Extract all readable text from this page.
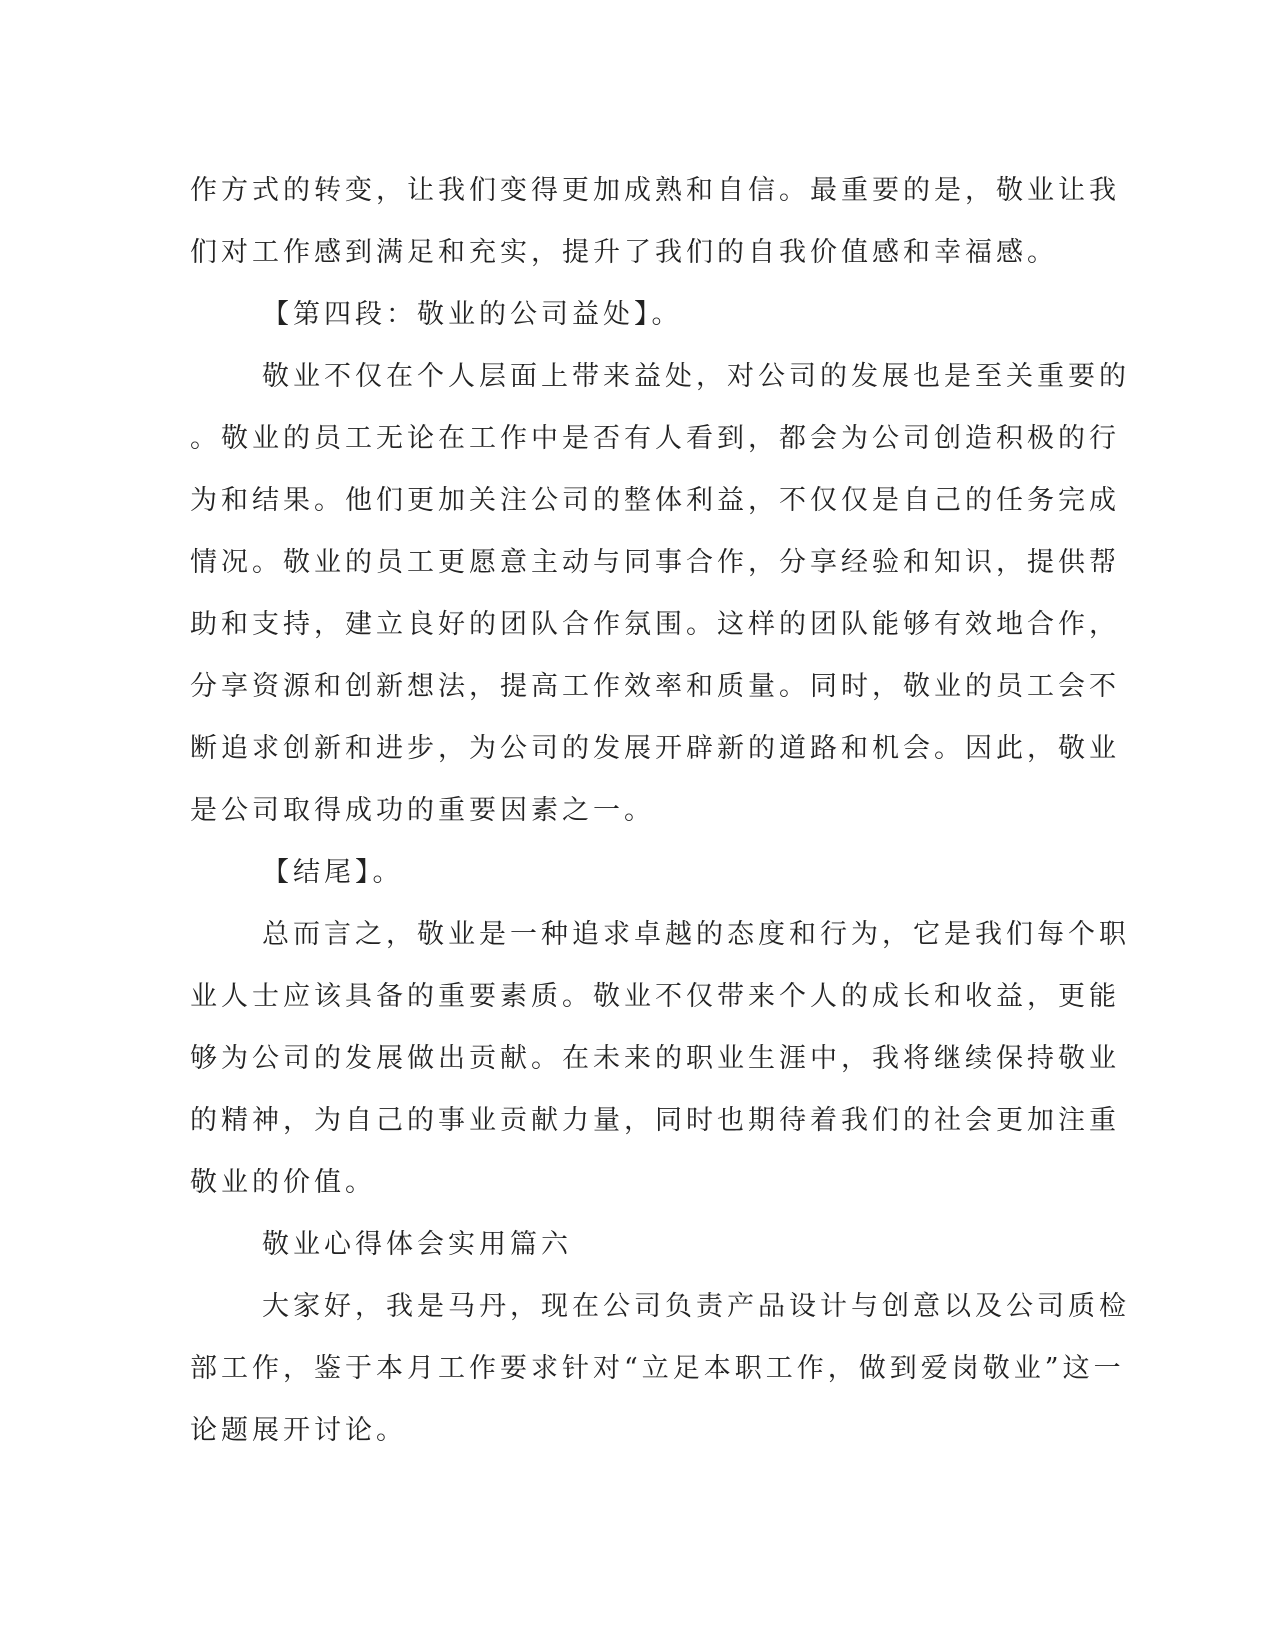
作方式的转变，让我们变得更加成熟和自信。最重要的是，敬业让我
们对工作感到满足和充实，提升了我们的自我价值感和幸福感。
【第四段：敬业的公司益处】。
敬业不仅在个人层面上带来益处，对公司的发展也是至关重要的
。敬业的员工无论在工作中是否有人看到，都会为公司创造积极的行
为和结果。他们更加关注公司的整体利益，不仅仅是自己的任务完成
情况。敬业的员工更愿意主动与同事合作，分享经验和知识，提供帮
助和支持，建立良好的团队合作氛围。这样的团队能够有效地合作，
分享资源和创新想法，提高工作效率和质量。同时，敬业的员工会不
断追求创新和进步，为公司的发展开辟新的道路和机会。因此，敬业
是公司取得成功的重要因素之一。
【结尾】。
总而言之，敬业是一种追求卓越的态度和行为，它是我们每个职
业人士应该具备的重要素质。敬业不仅带来个人的成长和收益，更能
够为公司的发展做出贡献。在未来的职业生涯中，我将继续保持敬业
的精神，为自己的事业贡献力量，同时也期待着我们的社会更加注重
敬业的价值。
敬业心得体会实用篇六
大家好，我是马丹，现在公司负责产品设计与创意以及公司质检
部工作，鉴于本月工作要求针对“立足本职工作，做到爱岗敬业”这一
论题展开讨论。
